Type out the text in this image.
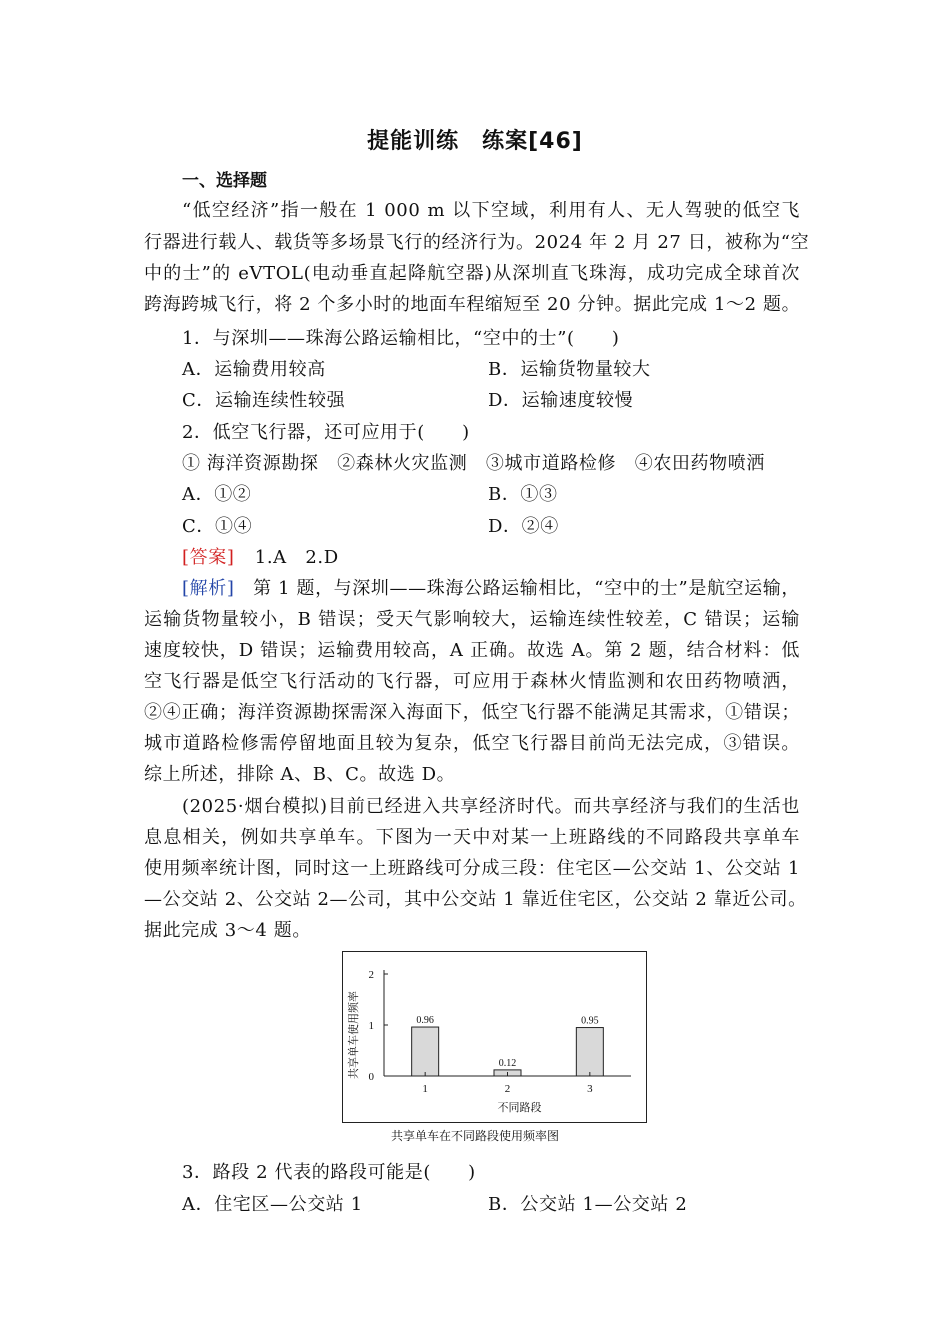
提能训练　练案[46]
一、选择题
“低空经济”指一般在 1 000 m 以下空域，利用有人、无人驾驶的低空飞
行器进行载人、载货等多场景飞行的经济行为。2024 年 2 月 27 日，被称为“空
中的士”的 eVTOL(电动垂直起降航空器)从深圳直飞珠海，成功完成全球首次
跨海跨城飞行，将 2 个多小时的地面车程缩短至 20 分钟。据此完成 1～2 题。
1．与深圳——珠海公路运输相比，“空中的士”(　　)
A．运输费用较高	B．运输货物量较大
C．运输连续性较强	D．运输速度较慢
2．低空飞行器，还可应用于(　　)
① 海洋资源勘探　②森林火灾监测　③城市道路检修　④农田药物喷洒
A．①②	B．①③
C．①④	D．②④
[答案] 1.A　2.D
[解析]　 第 1 题，与深圳——珠海公路运输相比，“空中的士”是航空运输，
运输货物量较小，B 错误；受天气影响较大，运输连续性较差，C 错误；运输
速度较快，D 错误；运输费用较高，A 正确。故选 A。第 2 题，结合材料：低
空飞行器是低空飞行活动的飞行器，可应用于森林火情监测和农田药物喷洒，
②④正确；海洋资源勘探需深入海面下，低空飞行器不能满足其需求，①错误；
城市道路检修需停留地面且较为复杂，低空飞行器目前尚无法完成，③错误。
综上所述，排除 A、B、C。故选 D。
(2025·烟台模拟)目前已经进入共享经济时代。而共享经济与我们的生活也
息息相关，例如共享单车。下图为一天中对某一上班路线的不同路段共享单车
使用频率统计图，同时这一上班路线可分成三段：住宅区—公交站 1、公交站 1
—公交站 2、公交站 2—公司，其中公交站 1 靠近住宅区，公交站 2 靠近公司。
据此完成 3～4 题。
0
1
2
0.96
1
0.12
2
0.95
3
不同路段
共享单车使用频率
共享单车在不同路段使用频率图
3．路段 2 代表的路段可能是(　　)
A．住宅区—公交站 1	B．公交站 1—公交站 2
